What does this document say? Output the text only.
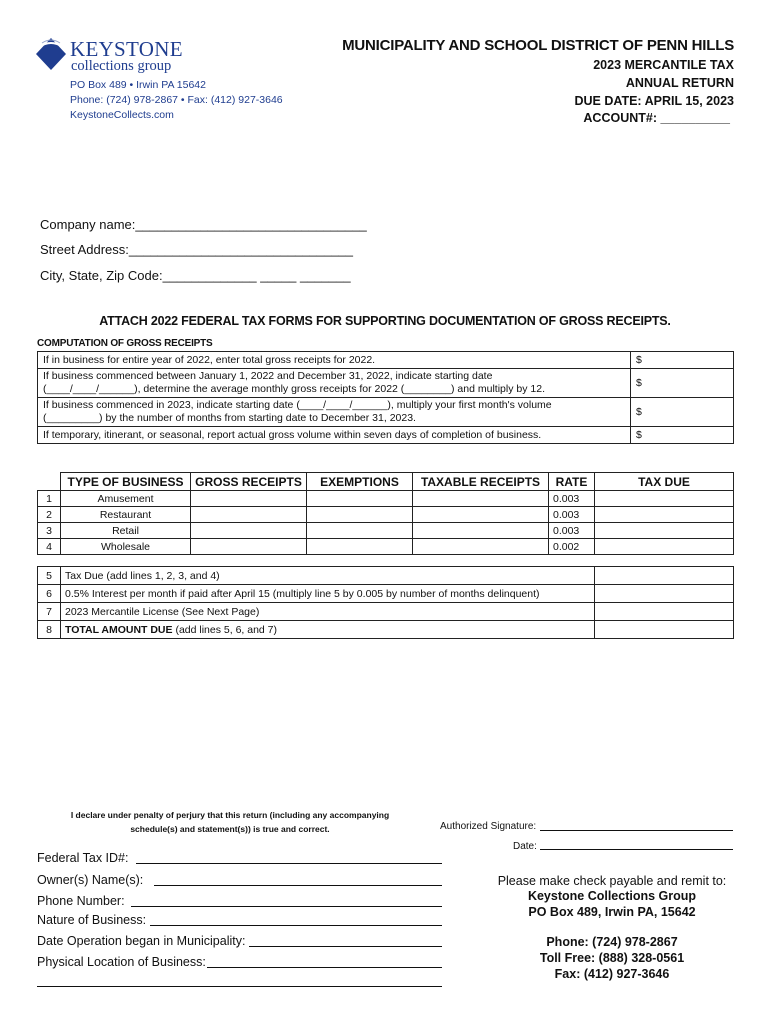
KEYSTONE
collections group
PO Box 489 • Irwin PA 15642
Phone: (724) 978-2867 • Fax: (412) 927-3646
KeystoneCollects.com
MUNICIPALITY AND SCHOOL DISTRICT OF PENN HILLS
2023 MERCANTILE TAX
ANNUAL RETURN
DUE DATE: APRIL 15, 2023
ACCOUNT#: __________
Company name:________________________________
Street Address:_______________________________
City, State, Zip Code:_____________ _____ _______
ATTACH 2022 FEDERAL TAX FORMS FOR SUPPORTING DOCUMENTATION OF GROSS RECEIPTS.
COMPUTATION OF GROSS RECEIPTS
If in business for entire year of 2022, enter total gross receipts for 2022.	$

If business commenced between January 1, 2022 and December 31, 2022, indicate starting date
(____/____/______), determine the average monthly gross receipts for 2022 (________) and multiply by 12.	$

If business commenced in 2023, indicate starting date (____/____/______), multiply your first month's volume
(_________) by the number of months from starting date to December 31, 2023.	$

If temporary, itinerant, or seasonal, report actual gross volume within seven days of completion of business.	$
	TYPE OF BUSINESS	GROSS RECEIPTS	EXEMPTIONS	TAXABLE RECEIPTS	RATE	TAX DUE
1	Amusement				0.003	
2	Restaurant				0.003	
3	Retail				0.003	
4	Wholesale				0.002	

5	Tax Due (add lines 1, 2, 3, and 4)					
6	0.5% Interest per month if paid after April 15 (multiply line 5 by 0.005 by number of months delinquent)					
7	2023 Mercantile License (See Next Page)					
8	TOTAL AMOUNT DUE (add lines 5, 6, and 7)					
I declare under penalty of perjury that this return (including any accompanying
schedule(s) and statement(s)) is true and correct.	Authorized Signature:
Date:
Federal Tax ID#:
Owner(s) Name(s):
Phone Number:
Nature of Business:
Date Operation began in Municipality:
Physical Location of Business:
Please make check payable and remit to:
Keystone Collections Group
PO Box 489, Irwin PA, 15642
Phone: (724) 978-2867
Toll Free: (888) 328-0561
Fax: (412) 927-3646
